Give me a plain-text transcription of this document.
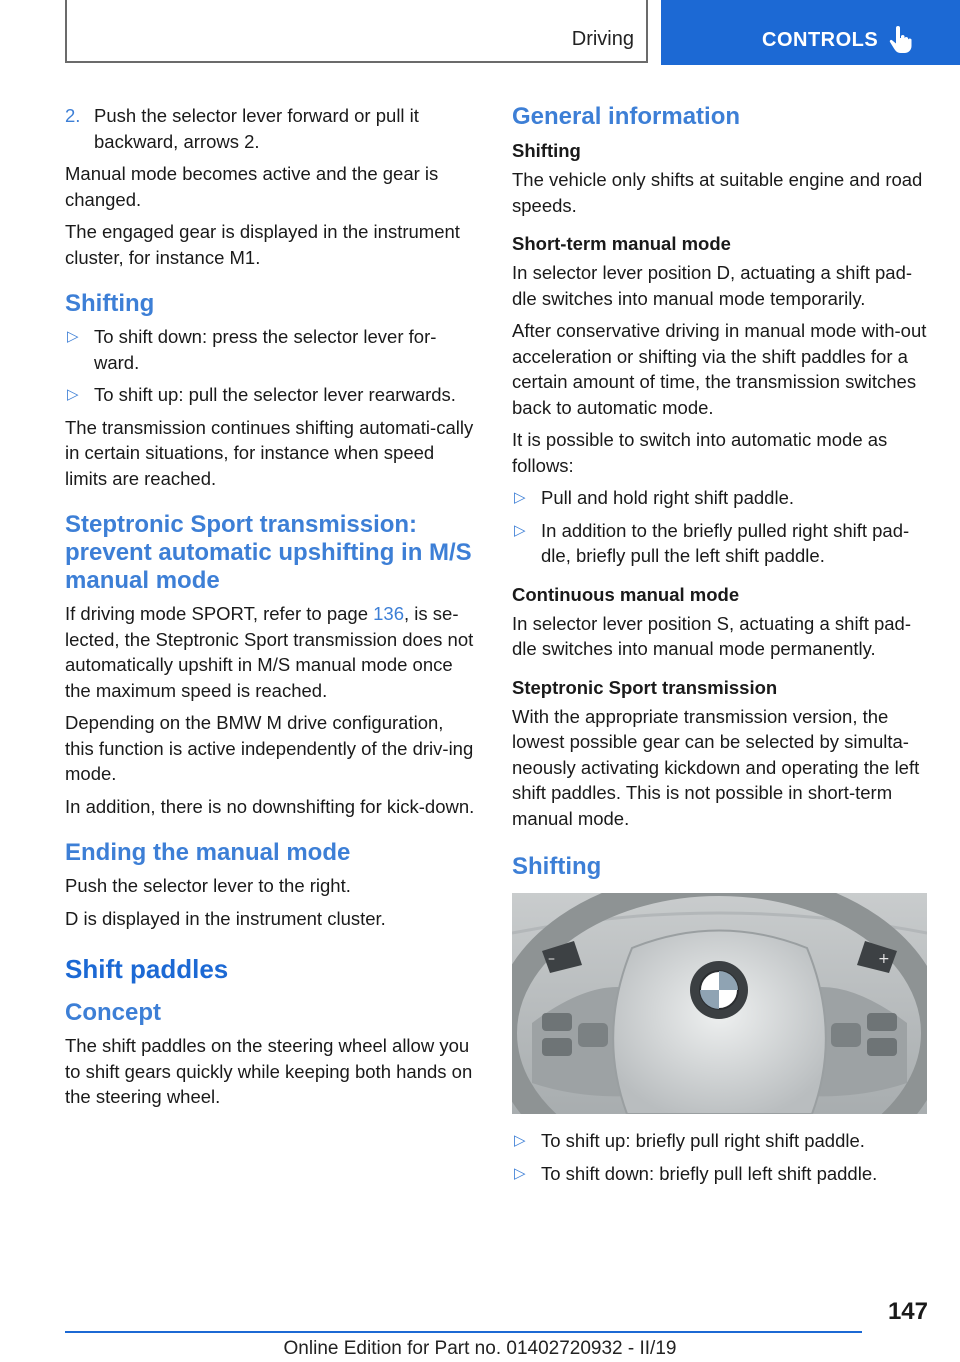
Driving	CONTROLS
2. Push the selector lever forward or pull it backward, arrows 2.

Manual mode becomes active and the gear is changed.

The engaged gear is displayed in the instrument cluster, for instance M1.

Shifting
▷ To shift down: press the selector lever for-ward.
▷ To shift up: pull the selector lever rearwards.

The transmission continues shifting automati-cally in certain situations, for instance when speed limits are reached.

Steptronic Sport transmission: prevent automatic upshifting in M/S manual mode

If driving mode SPORT, refer to page 136, is se-lected, the Steptronic Sport transmission does not automatically upshift in M/S manual mode once the maximum speed is reached.

Depending on the BMW M drive configuration, this function is active independently of the driv-ing mode.

In addition, there is no downshifting for kick-down.

Ending the manual mode

Push the selector lever to the right.

D is displayed in the instrument cluster.

Shift paddles
Concept

The shift paddles on the steering wheel allow you to shift gears quickly while keeping both hands on the steering wheel.

General information
Shifting

The vehicle only shifts at suitable engine and road speeds.

Short-term manual mode

In selector lever position D, actuating a shift pad-dle switches into manual mode temporarily.

After conservative driving in manual mode with-out acceleration or shifting via the shift paddles for a certain amount of time, the transmission switches back to automatic mode.

It is possible to switch into automatic mode as follows:

▷ Pull and hold right shift paddle.
▷ In addition to the briefly pulled right shift pad-dle, briefly pull the left shift paddle.
Continuous manual mode

In selector lever position S, actuating a shift pad-dle switches into manual mode permanently.

Steptronic Sport transmission

With the appropriate transmission version, the lowest possible gear can be selected by simulta-neously activating kickdown and operating the left shift paddles. This is not possible in short-term manual mode.

Shifting
–	+
▷ To shift up: briefly pull right shift paddle.
▷ To shift down: briefly pull left shift paddle.
147
Online Edition for Part no. 01402720932 - II/19
